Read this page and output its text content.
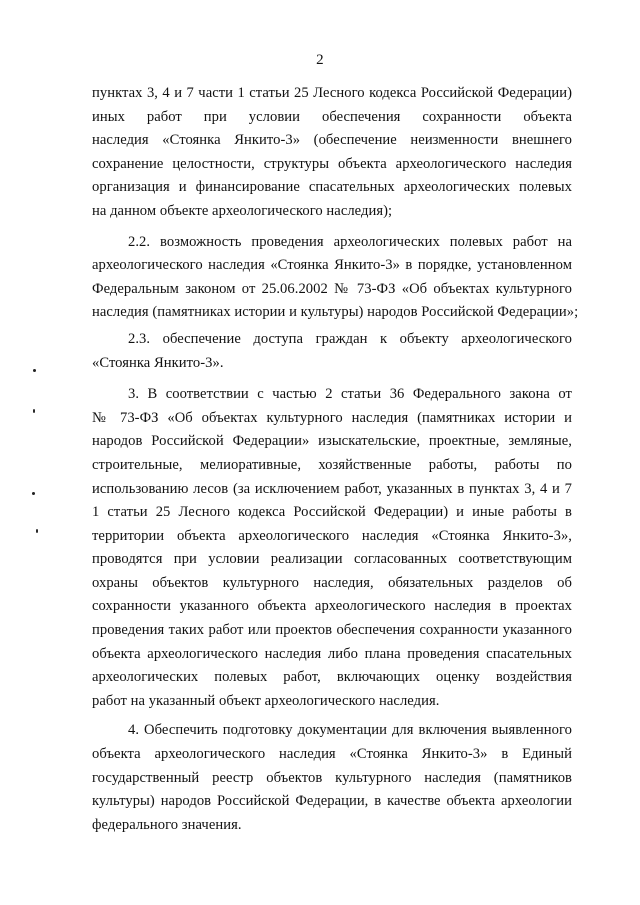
2

пунктах 3, 4 и 7 части 1 статьи 25 Лесного кодекса Российской Федерации)
иных работ при условии обеспечения сохранности объекта
наследия «Стоянка Янкито-3» (обеспечение неизменности внешнего
сохранение целостности, структуры объекта археологического наследия
организация и финансирование спасательных археологических полевых
на данном объекте археологического наследия);

2.2. возможность проведения археологических полевых работ на
археологического наследия «Стоянка Янкито-3» в порядке, установленном
Федеральным законом от 25.06.2002 № 73-ФЗ «Об объектах культурного
наследия (памятниках истории и культуры) народов Российской Федерации»;

2.3. обеспечение доступа граждан к объекту археологического
«Стоянка Янкито-3».

3. В соответствии с частью 2 статьи 36 Федерального закона от
№ 73-ФЗ «Об объектах культурного наследия (памятниках истории и
народов Российской Федерации» изыскательские, проектные, земляные,
строительные, мелиоративные, хозяйственные работы, работы по
использованию лесов (за исключением работ, указанных в пунктах 3, 4 и 7
1 статьи 25 Лесного кодекса Российской Федерации) и иные работы в
территории объекта археологического наследия «Стоянка Янкито-3»,
проводятся при условии реализации согласованных соответствующим
охраны объектов культурного наследия, обязательных разделов об
сохранности указанного объекта археологического наследия в проектах
проведения таких работ или проектов обеспечения сохранности указанного
объекта археологического наследия либо плана проведения спасательных
археологических полевых работ, включающих оценку воздействия
работ на указанный объект археологического наследия.

4. Обеспечить подготовку документации для включения выявленного
объекта археологического наследия «Стоянка Янкито-3» в Единый
государственный реестр объектов культурного наследия (памятников
культуры) народов Российской Федерации, в качестве объекта археологии
федерального значения.
